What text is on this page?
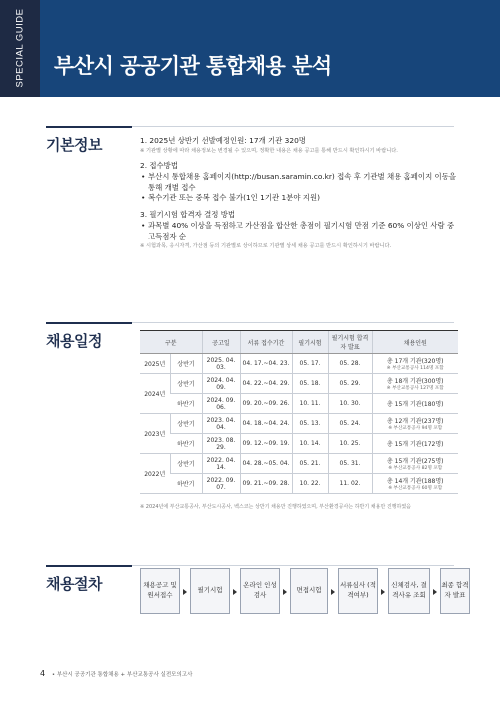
SPECIAL GUIDE 부산시 공공기관 통합채용 분석
기본정보	1. 2025년 상반기 선발예정인원: 17개 기관 320명
※ 기관별 상황에 따라 채용정보는 변경될 수 있으며, 정확한 내용은 채용 공고를 통해 반드시 확인하시기 바랍니다.
2. 접수방법
• 부산시 통합채용 홈페이지(http://busan.saramin.co.kr) 접속 후 기관별 채용 홈페이지 이동을 통해 개별 접수
• 복수기관 또는 중복 접수 불가(1인 1기관 1분야 지원)
3. 필기시험 합격자 결정 방법
• 과목별 40% 이상을 득점하고 가산점을 합산한 총점이 필기시험 만점 기준 60% 이상인 사람 중 고득점자 순
※ 시험과목, 응시자격, 가산점 등의 기관별로 상이하므로 기관별 상세 채용 공고를 반드시 확인하시기 바랍니다.
채용일정	구분		공고일	서류 접수기간	필기시험	필기시험 합격자 발표	채용인원
2025년	상반기	2025. 04. 03.	04. 17.~04. 23.	05. 17.	05. 28.	총 17개 기관(320명)
※ 부산교통공사 114명 포함

2024년	상반기	2024. 04. 09.	04. 22.~04. 29.	05. 18.	05. 29.	총 18개 기관(300명)
※ 부산교통공사 127명 포함

	하반기	2024. 09. 06.	09. 20.~09. 26.	10. 11.	10. 30.	총 15개 기관(180명)
2023년	상반기	2023. 04. 04.	04. 18.~04. 24.	05. 13.	05. 24.	총 12개 기관(237명)
※ 부산교통공사 94명 포함

	하반기	2023. 08. 29.	09. 12.~09. 19.	10. 14.	10. 25.	총 15개 기관(172명)
2022년	상반기	2022. 04. 14.	04. 28.~05. 04.	05. 21.	05. 31.	총 15개 기관(275명)
※ 부산교통공사 82명 포함

	하반기	2022. 09. 07.	09. 21.~09. 28.	10. 22.	11. 02.	총 14개 기관(188명)
※ 부산교통공사 60명 포함
※ 2024년에 부산교통공사, 부산도시공사, 벡스코는 상반기 채용만 진행하였으며, 부산환경공사는 하반기 채용만 진행하였음
채용절차	채용공고 및 원서접수
필기시험
온라인 인성검사
면접시험
서류심사 (적격여부)
신체검사, 결격사유 조회
최종 합격자 발표
4 • 부산시 공공기관 통합채용 + 부산교통공사 실전모의고사
